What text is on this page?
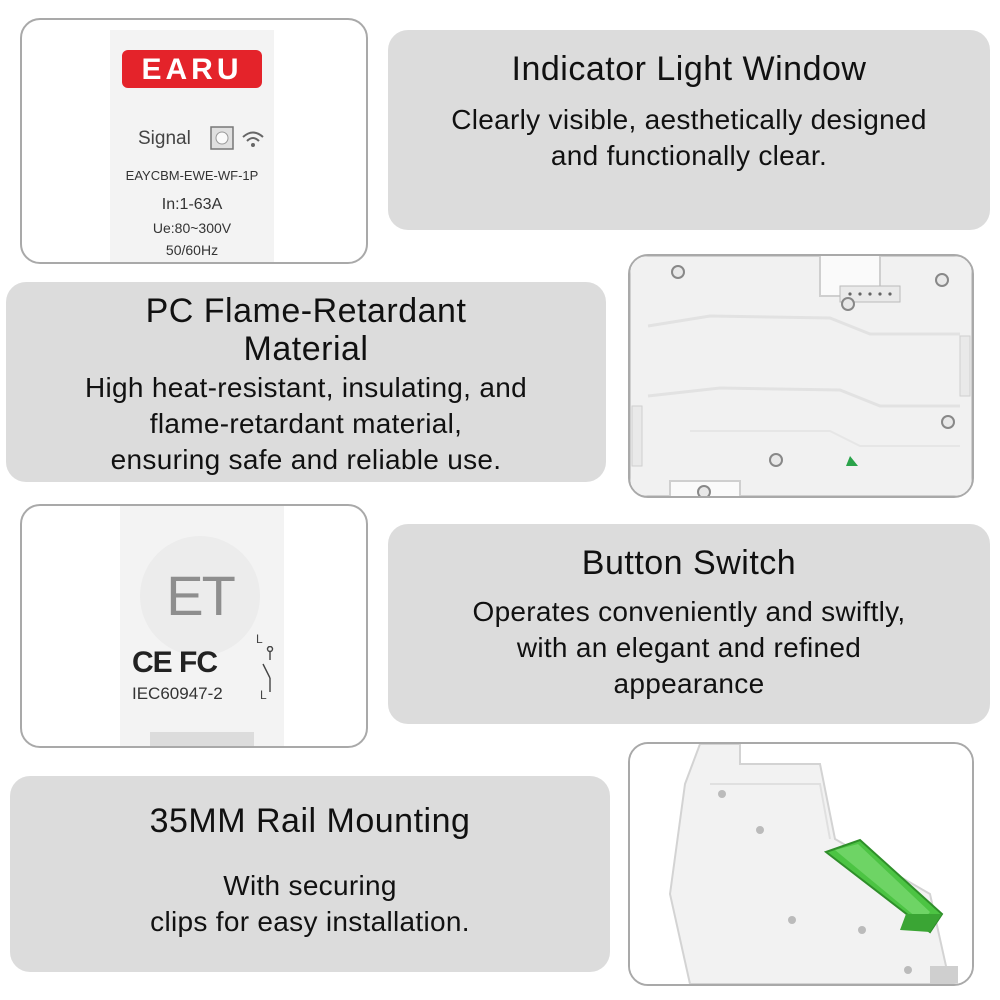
EARU
Signal
EAYCBM-EWE-WF-1P
In:1-63A
Ue:80~300V
50/60Hz
Indicator Light Window
Clearly visible, aesthetically designed
and functionally clear.
PC Flame-Retardant
Material
High heat-resistant, insulating, and
flame-retardant material,
ensuring safe and reliable use.
ET
CE FC
IEC60947-2
L
L
Button Switch
Operates conveniently and swiftly,
with an elegant and refined
appearance
35MM Rail Mounting
With securing
clips for easy installation.
